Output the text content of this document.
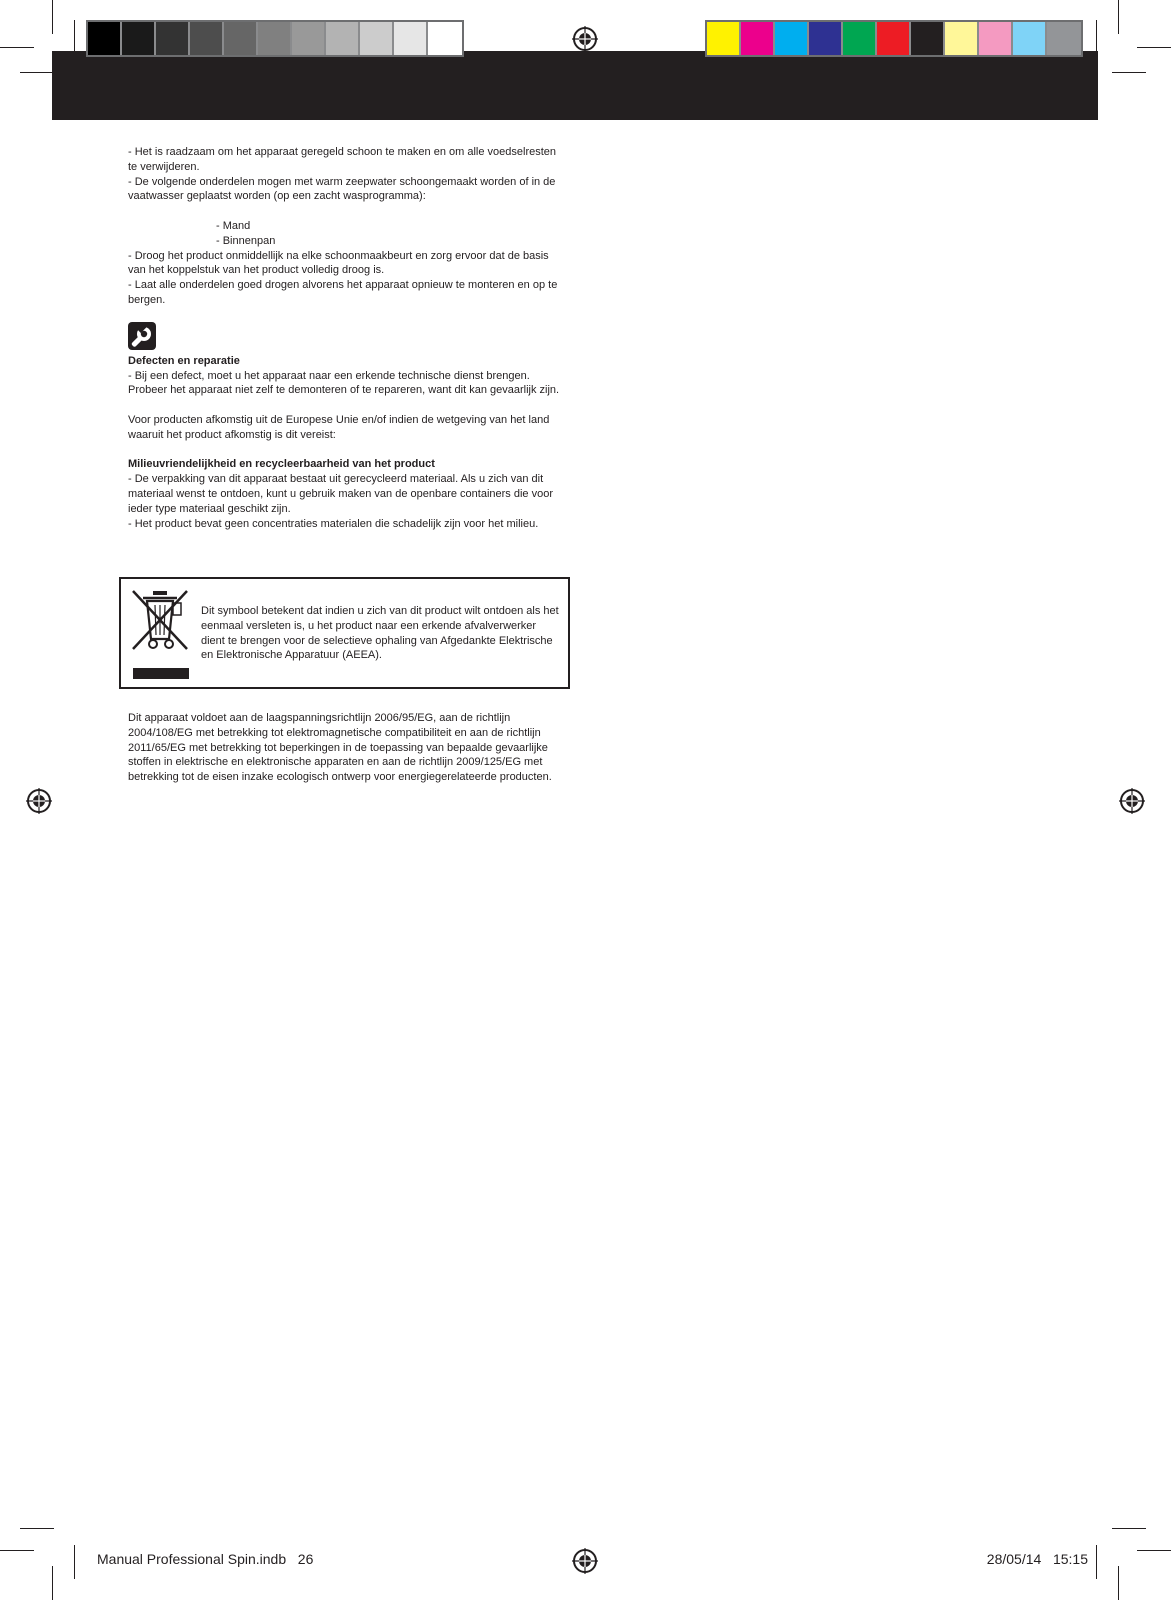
- Het is raadzaam om het apparaat geregeld schoon te maken en om alle voedselresten te verwijderen.

- De volgende onderdelen mogen met warm zeepwater schoongemaakt worden of in de vaatwasser geplaatst worden (op een zacht wasprogramma):

- Mand

- Binnenpan

- Droog het product onmiddellijk na elke schoonmaakbeurt en zorg ervoor dat de basis van het koppelstuk van het product volledig droog is.

- Laat alle onderdelen goed drogen alvorens het apparaat opnieuw te monteren en op te bergen.

Defecten en reparatie

- Bij een defect, moet u het apparaat naar een erkende technische dienst brengen. Probeer het apparaat niet zelf te demonteren of te repareren, want dit kan gevaarlijk zijn.

Voor producten afkomstig uit de Europese Unie en/of indien de wetgeving van het land waaruit het product afkomstig is dit vereist:

Milieuvriendelijkheid en recycleerbaarheid van het product

- De verpakking van dit apparaat bestaat uit gerecycleerd materiaal. Als u zich van dit materiaal wenst te ontdoen, kunt u gebruik maken van de openbare containers die voor ieder type materiaal geschikt zijn.

- Het product bevat geen concentraties materialen die schadelijk zijn voor het milieu.

Dit symbool betekent dat indien u zich van dit product wilt ontdoen als het eenmaal versleten is, u het product naar een erkende afvalverwerker dient te brengen voor de selectieve ophaling van Afgedankte Elektrische en Elektronische Apparatuur (AEEA).

Dit apparaat voldoet aan de laagspanningsrichtlijn 2006/95/EG, aan de richtlijn 2004/108/EG met betrekking tot elektromagnetische compatibiliteit en aan de richtlijn 2011/65/EG met betrekking tot beperkingen in de toepassing van bepaalde gevaarlijke stoffen in elektrische en elektronische apparaten en aan de richtlijn 2009/125/EG met betrekking tot de eisen inzake ecologisch ontwerp voor energiegerelateerde producten.

Manual Professional Spin.indb   26	28/05/14   15:15
